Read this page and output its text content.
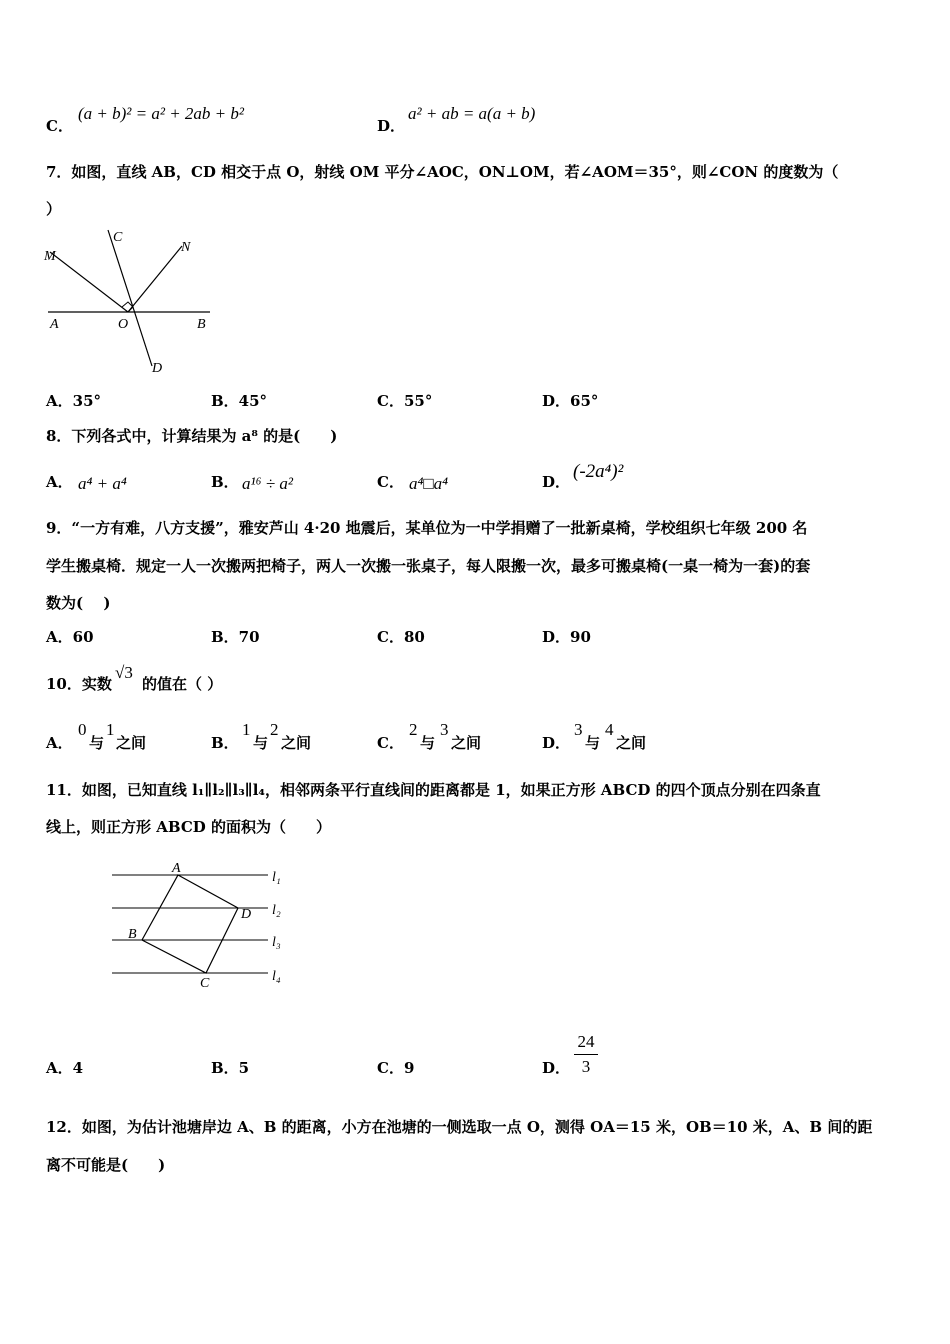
C．
(a + b)² = a² + 2ab + b²
D．
a² + ab = a(a + b)
7．如图，直线 AB，CD 相交于点 O，射线 OM 平分∠AOC，ON⊥OM，若∠AOM＝35°，则∠CON 的度数为（
）
M
C
N
A	O	B
D
A．35°	B．45°	C．55°	D．65°
8．下列各式中，计算结果为 a⁸ 的是(　　)
A． a⁴ + a⁴	B． a¹⁶ ÷ a²	C． a⁴□a⁴	D． (-2a⁴)²
9．“一方有难，八方支援”，雅安芦山 4·20 地震后，某单位为一中学捐赠了一批新桌椅，学校组织七年级 200 名
学生搬桌椅．规定一人一次搬两把椅子，两人一次搬一张桌子，每人限搬一次，最多可搬桌椅(一桌一椅为一套)的套
数为(　 )
A．60	B．70	C．80	D．90
10．实数
√3
的值在（ ）
A．
0
与
1
之间	B．
1
与
2
之间	C．
2
与
3
之间	D．
3
与
4
之间
11．如图，已知直线 l₁∥l₂∥l₃∥l₄，相邻两条平行直线间的距离都是 1，如果正方形 ABCD 的四个顶点分别在四条直
线上，则正方形 ABCD 的面积为（　　）
A
D
B
C
l₁
l₂
l₃
l₄
A．4	B．5	C．9	D．
24
3
12．如图，为估计池塘岸边 A、B 的距离，小方在池塘的一侧选取一点 O，测得 OA＝15 米，OB＝10 米，A、B 间的距
离不可能是(　　)
